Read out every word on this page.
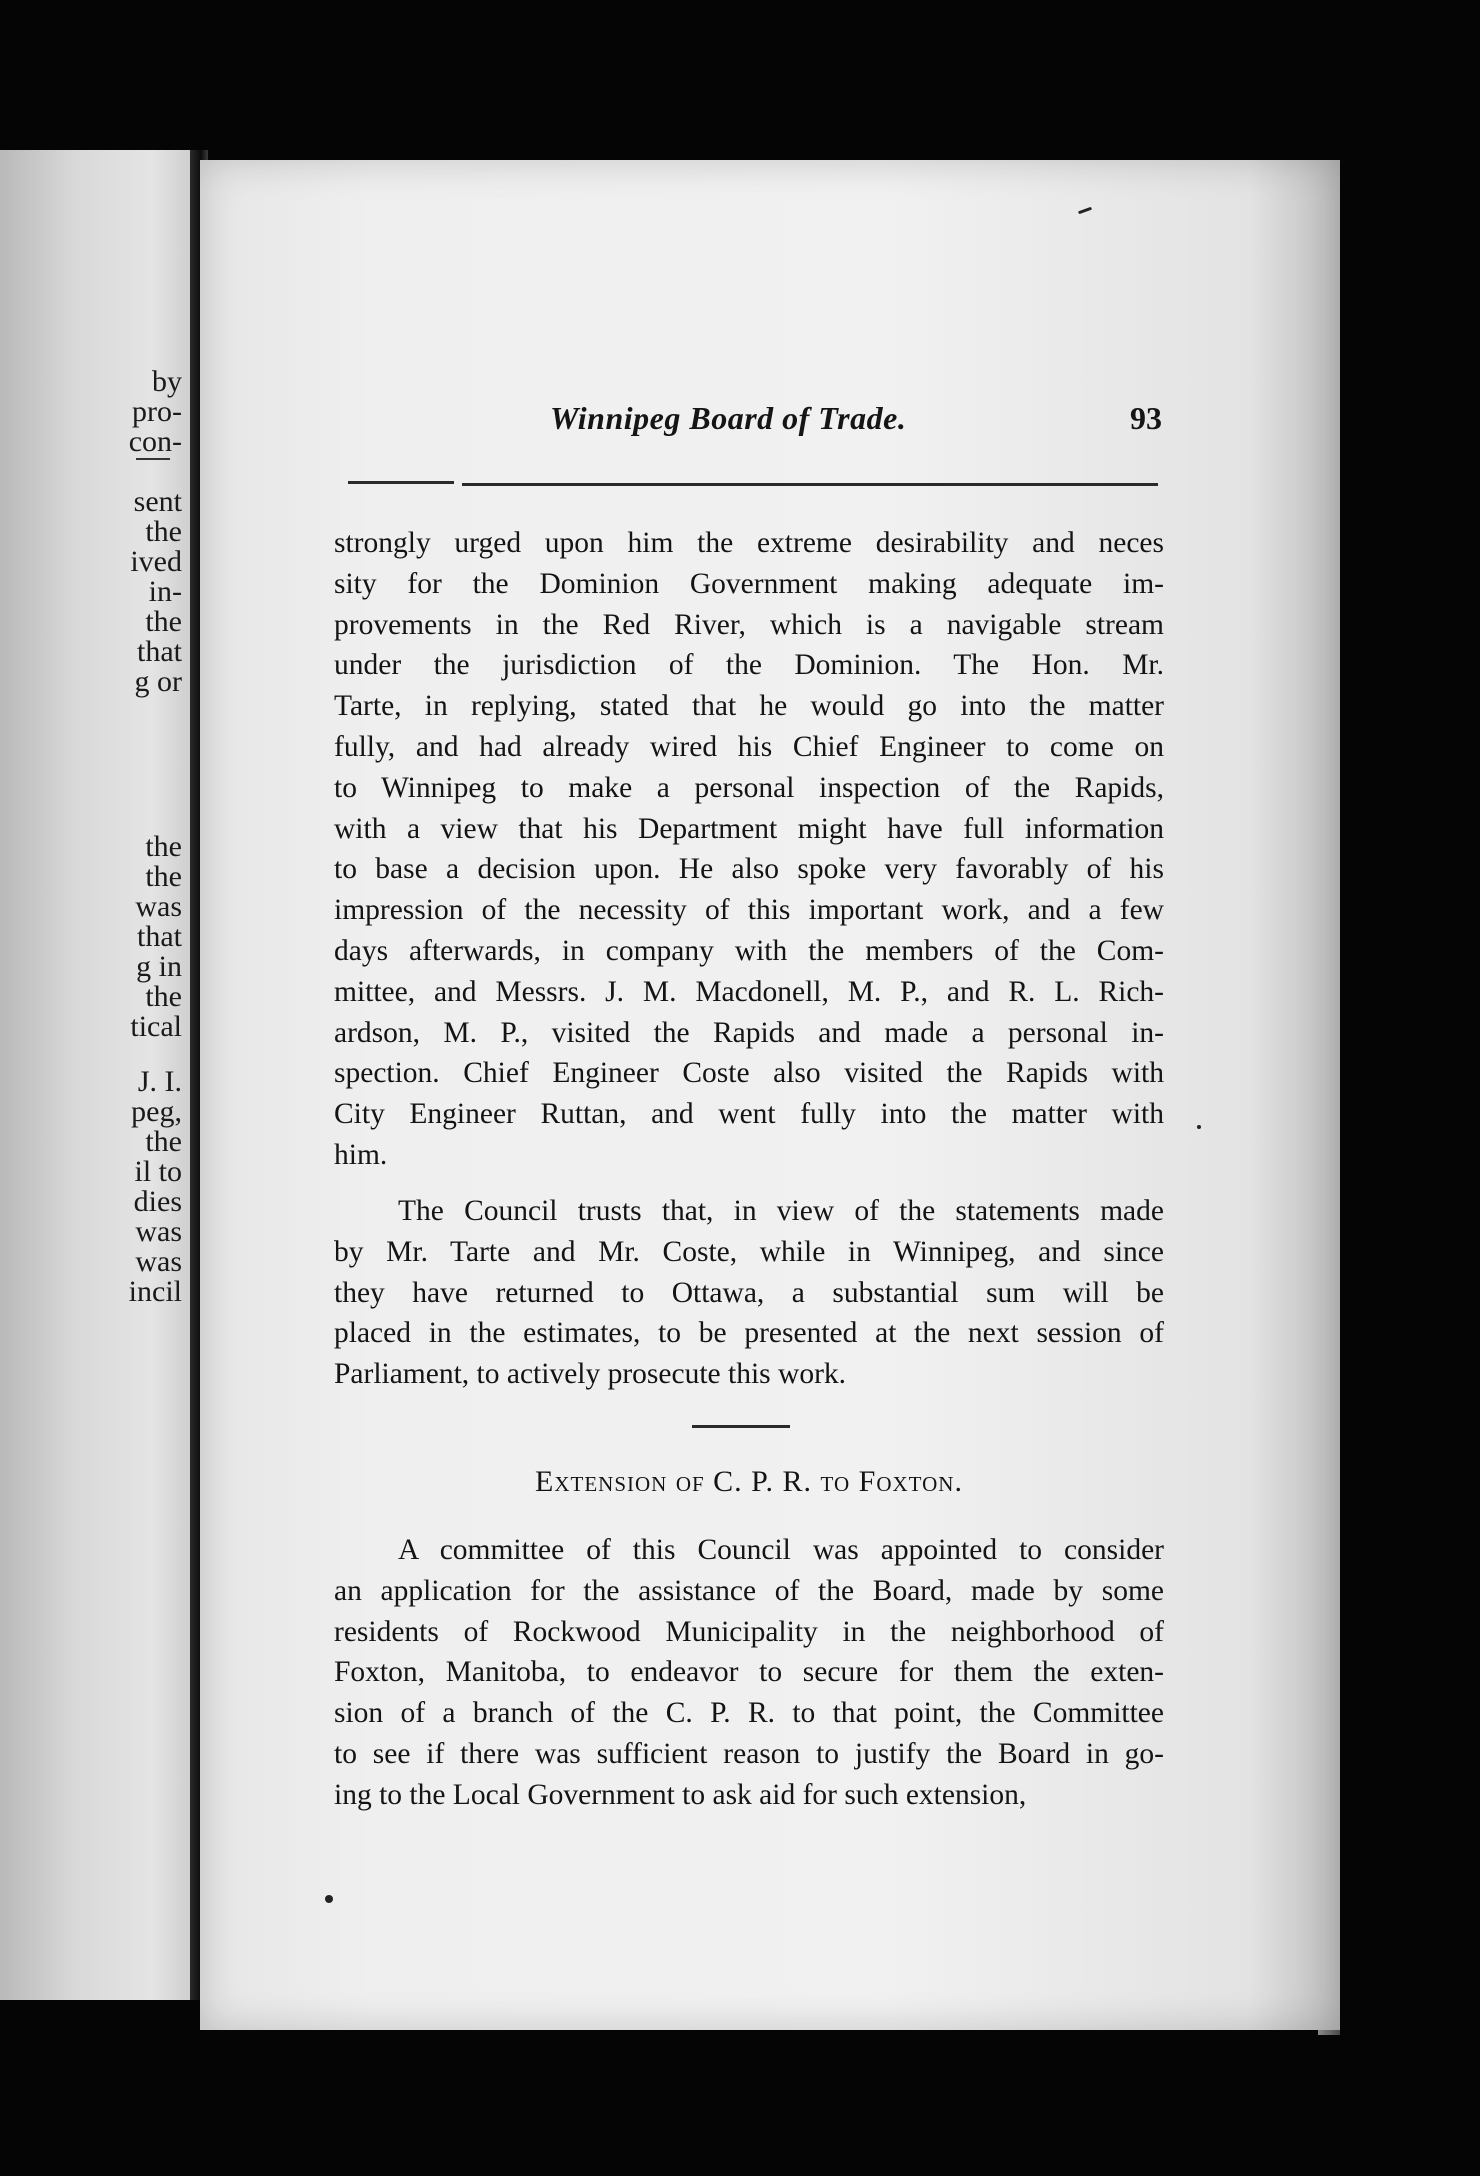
by
pro-
con-
sent
the
ived
in-
the
that
g or
the
the
was
that
g in
the
tical
J. I.
peg,
the
il to
dies
was
was
incil
Winnipeg Board of Trade.	93
strongly urged upon him the extreme desirability and neces
sity for the Dominion Government making adequate im-
provements in the Red River, which is a navigable stream
under the jurisdiction of the Dominion. The Hon. Mr.
Tarte, in replying, stated that he would go into the matter
fully, and had already wired his Chief Engineer to come on
to Winnipeg to make a personal inspection of the Rapids,
with a view that his Department might have full information
to base a decision upon. He also spoke very favorably of his
impression of the necessity of this important work, and a few
days afterwards, in company with the members of the Com-
mittee, and Messrs. J. M. Macdonell, M. P., and R. L. Rich-
ardson, M. P., visited the Rapids and made a personal in-
spection. Chief Engineer Coste also visited the Rapids with
City Engineer Ruttan, and went fully into the matter with
him.
The Council trusts that, in view of the statements made
by Mr. Tarte and Mr. Coste, while in Winnipeg, and since
they have returned to Ottawa, a substantial sum will be
placed in the estimates, to be presented at the next session of
Parliament, to actively prosecute this work.
Extension of C. P. R. to Foxton.
A committee of this Council was appointed to consider
an application for the assistance of the Board, made by some
residents of Rockwood Municipality in the neighborhood of
Foxton, Manitoba, to endeavor to secure for them the exten-
sion of a branch of the C. P. R. to that point, the Committee
to see if there was sufficient reason to justify the Board in go-
ing to the Local Government to ask aid for such extension,
